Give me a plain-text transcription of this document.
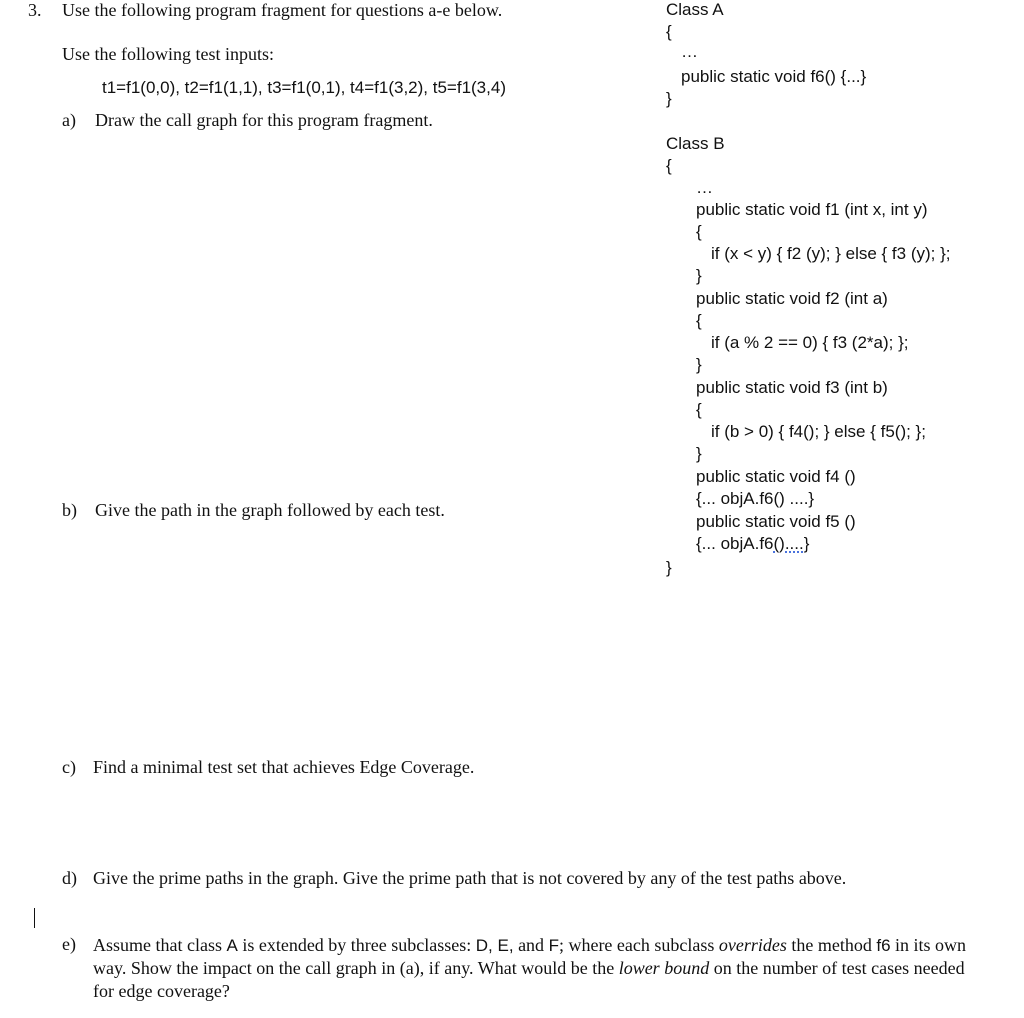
3. Use the following program fragment for questions a-e below.
Use the following test inputs:
t1=f1(0,0), t2=f1(1,1), t3=f1(0,1), t4=f1(3,2), t5=f1(3,4)
a) Draw the call graph for this program fragment.
b) Give the path in the graph followed by each test.
c) Find a minimal test set that achieves Edge Coverage.
d) Give the prime paths in the graph. Give the prime path that is not covered by any of the test paths above.
e) Assume that class A is extended by three subclasses: D, E, and F; where each subclass overrides the method f6 in its own way. Show the impact on the call graph in (a), if any. What would be the lower bound on the number of test cases needed for edge coverage?
Class A
{
…
public static void f6() {...}
}
Class B
{
…
public static void f1 (int x, int y)
{
if (x < y) { f2 (y); } else { f3 (y); };
}
public static void f2 (int a)
{
if (a % 2 == 0) { f3 (2*a); };
}
public static void f3 (int b)
{
if (b > 0) { f4(); } else { f5(); };
}
public static void f4 ()
{... objA.f6() ....}
public static void f5 ()
{... objA.f6()....}
}
